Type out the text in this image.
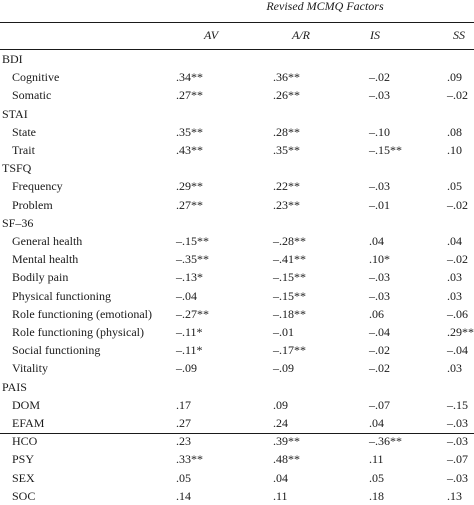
Revised MCMQ Factors
AV	A/R	IS	SS
BDI
Cognitive	.34**	.36**	–.02	.09
Somatic	.27**	.26**	–.03	–.02
STAI
State	.35**	.28**	–.10	.08
Trait	.43**	.35**	–.15**	.10
TSFQ
Frequency	.29**	.22**	–.03	.05
Problem	.27**	.23**	–.01	–.02
SF–36
General health	–.15**	–.28**	.04	.04
Mental health	–.35**	–.41**	.10*	–.02
Bodily pain	–.13*	–.15**	–.03	.03
Physical functioning	–.04	–.15**	–.03	.03
Role functioning (emotional) –.27**	–.18**	.06	–.06
Role functioning (physical)	–.11*	–.01	–.04	.29**
Social functioning	–.11*	–.17**	–.02	–.04
Vitality	–.09	–.09	–.02	.03
PAIS
DOM	.17	.09	–.07	–.15
EFAM	.27	.24	.04	–.03
HCO	.23	.39**	–.36**	–.03
PSY	.33**	.48**	.11	–.07
SEX	.05	.04	.05	–.03
SOC	.14	.11	.18	.13
